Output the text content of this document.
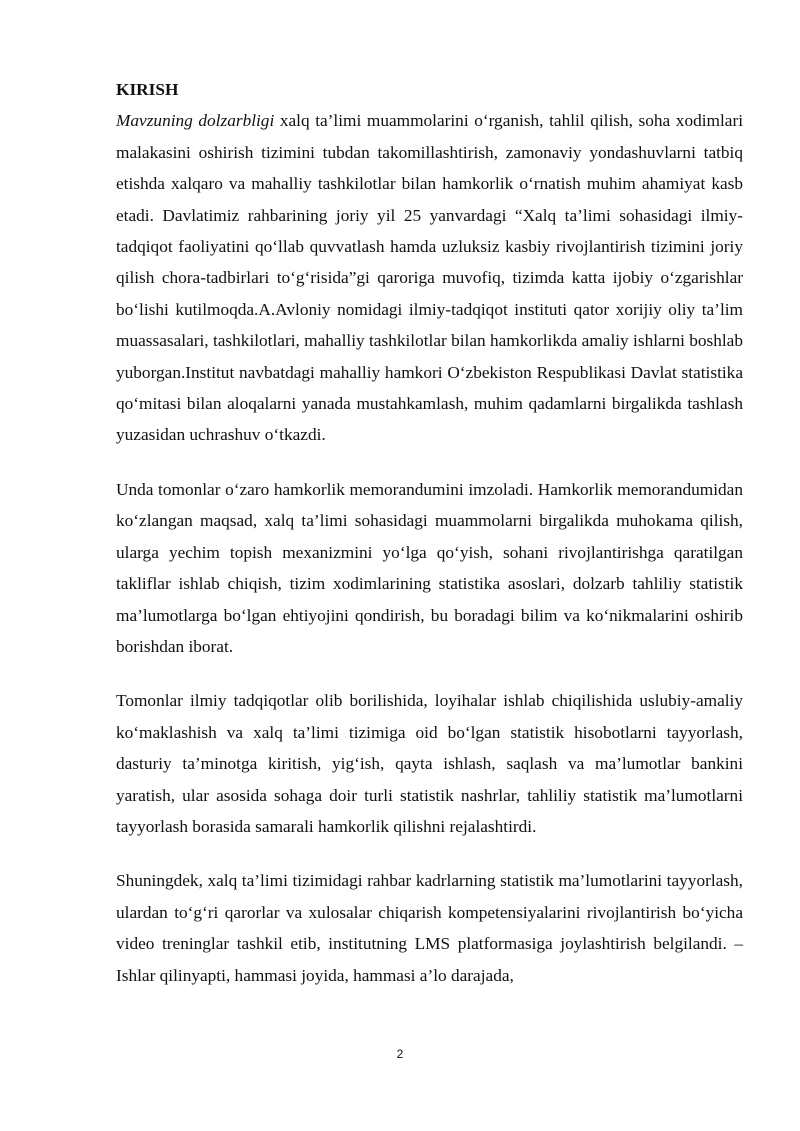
KIRISH

Mavzuning dolzarbligi xalq ta’limi muammolarini o‘rganish, tahlil qilish, soha xodimlari malakasini oshirish tizimini tubdan takomillashtirish, zamonaviy yondashuvlarni tatbiq etishda xalqaro va mahalliy tashkilotlar bilan hamkorlik o‘rnatish muhim ahamiyat kasb etadi. Davlatimiz rahbarining joriy yil 25 yanvardagi “Xalq ta’limi sohasidagi ilmiy-tadqiqot faoliyatini qo‘llab quvvatlash hamda uzluksiz kasbiy rivojlantirish tizimini joriy qilish chora-tadbirlari to‘g‘risida”gi qaroriga muvofiq, tizimda katta ijobiy o‘zgarishlar bo‘lishi kutilmoqda.A.Avloniy nomidagi ilmiy-tadqiqot instituti qator xorijiy oliy ta’lim muassasalari, tashkilotlari, mahalliy tashkilotlar bilan hamkorlikda amaliy ishlarni boshlab yuborgan.Institut navbatdagi mahalliy hamkori O‘zbekiston Respublikasi Davlat statistika qo‘mitasi bilan aloqalarni yanada mustahkamlash, muhim qadamlarni birgalikda tashlash yuzasidan uchrashuv o‘tkazdi.

Unda tomonlar o‘zaro hamkorlik memorandumini imzoladi. Hamkorlik memorandumidan ko‘zlangan maqsad, xalq ta’limi sohasidagi muammolarni birgalikda muhokama qilish, ularga yechim topish mexanizmini yo‘lga qo‘yish, sohani rivojlantirishga qaratilgan takliflar ishlab chiqish, tizim xodimlarining statistika asoslari, dolzarb tahliliy statistik ma’lumotlarga bo‘lgan ehtiyojini qondirish, bu boradagi bilim va ko‘nikmalarini oshirib borishdan iborat.

Tomonlar ilmiy tadqiqotlar olib borilishida, loyihalar ishlab chiqilishida uslubiy-amaliy ko‘maklashish va xalq ta’limi tizimiga oid bo‘lgan statistik hisobotlarni tayyorlash, dasturiy ta’minotga kiritish, yig‘ish, qayta ishlash, saqlash va ma’lumotlar bankini yaratish, ular asosida sohaga doir turli statistik nashrlar, tahliliy statistik ma’lumotlarni tayyorlash borasida samarali hamkorlik qilishni rejalashtirdi.

Shuningdek, xalq ta’limi tizimidagi rahbar kadrlarning statistik ma’lumotlarini tayyorlash, ulardan to‘g‘ri qarorlar va xulosalar chiqarish kompetensiyalarini rivojlantirish bo‘yicha video treninglar tashkil etib, institutning LMS platformasiga joylashtirish belgilandi. – Ishlar qilinyapti, hammasi joyida, hammasi a’lo darajada,

2
